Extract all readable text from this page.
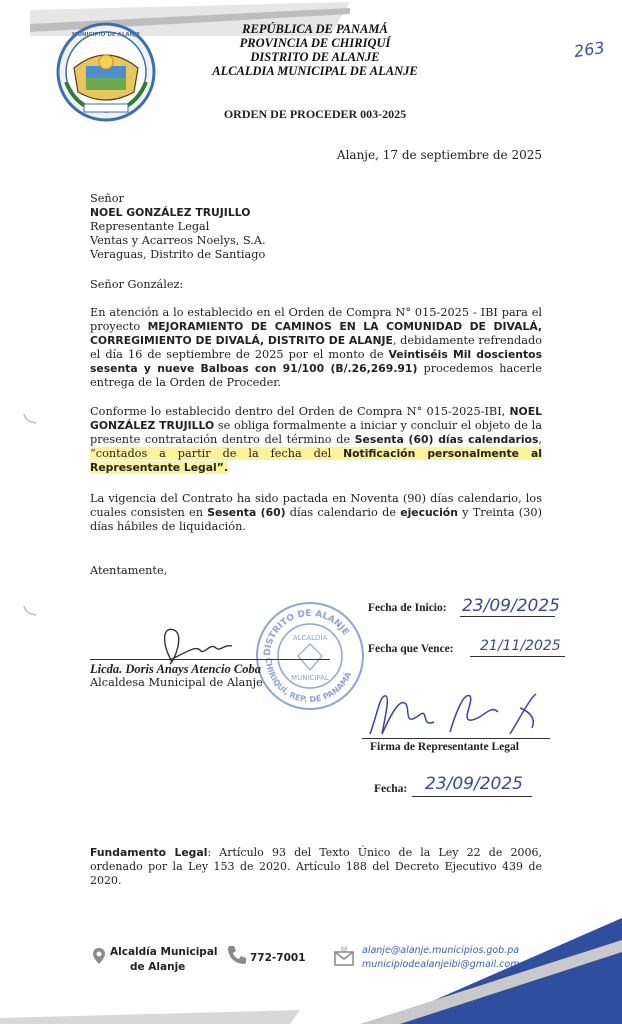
MUNICIPIO DE ALANJE	REPÚBLICA DE PANAMÁ
PROVINCIA DE CHIRIQUÍ
DISTRITO DE ALANJE
ALCALDIA MUNICIPAL DE ALANJE
263
ORDEN DE PROCEDER 003-2025
Alanje, 17 de septiembre de 2025
Señor
NOEL GONZÁLEZ TRUJILLO
Representante Legal
Ventas y Acarreos Noelys, S.A.
Veraguas, Distrito de Santiago
Señor González:
En atención a lo establecido en el Orden de Compra N° 015-2025 - IBI para el proyecto MEJORAMIENTO DE CAMINOS EN LA COMUNIDAD DE DIVALÁ, CORREGIMIENTO DE DIVALÁ, DISTRITO DE ALANJE, debidamente refrendado el día 16 de septiembre de 2025 por el monto de Veintiséis Mil doscientos sesenta y nueve Balboas con 91/100 (B/.26,269.91) procedemos hacerle entrega de la Orden de Proceder.
Conforme lo establecido dentro del Orden de Compra N° 015-2025-IBI, NOEL GONZÁLEZ TRUJILLO se obliga formalmente a iniciar y concluir el objeto de la presente contratación dentro del término de Sesenta (60) días calendarios, “contados a partir de la fecha del Notificación personalmente al Representante Legal”.
La vigencia del Contrato ha sido pactada en Noventa (90) días calendario, los cuales consisten en Sesenta (60) días calendario de ejecución y Treinta (30) días hábiles de liquidación.
Atentamente,
DISTRITO DE ALANJE
CHIRIQUÍ, REP. DE PANAMÁ
ALCALDÍA
MUNICIPAL
Licda. Doris Anays Atencio Coba
Alcaldesa Municipal de Alanje
Fecha de Inicio: 23/09/2025
Fecha que Vence: 21/11/2025
Firma de Representante Legal
Fecha: 23/09/2025
Fundamento Legal: Artículo 93 del Texto Único de la Ley 22 de 2006, ordenado por la Ley 153 de 2020. Artículo 188 del Decreto Ejecutivo 439 de 2020.
Alcaldía Municipal
de Alanje
772-7001
@ alanje@alanje.municipios.gob.pa
municipiodealanjeibi@gmail.com
